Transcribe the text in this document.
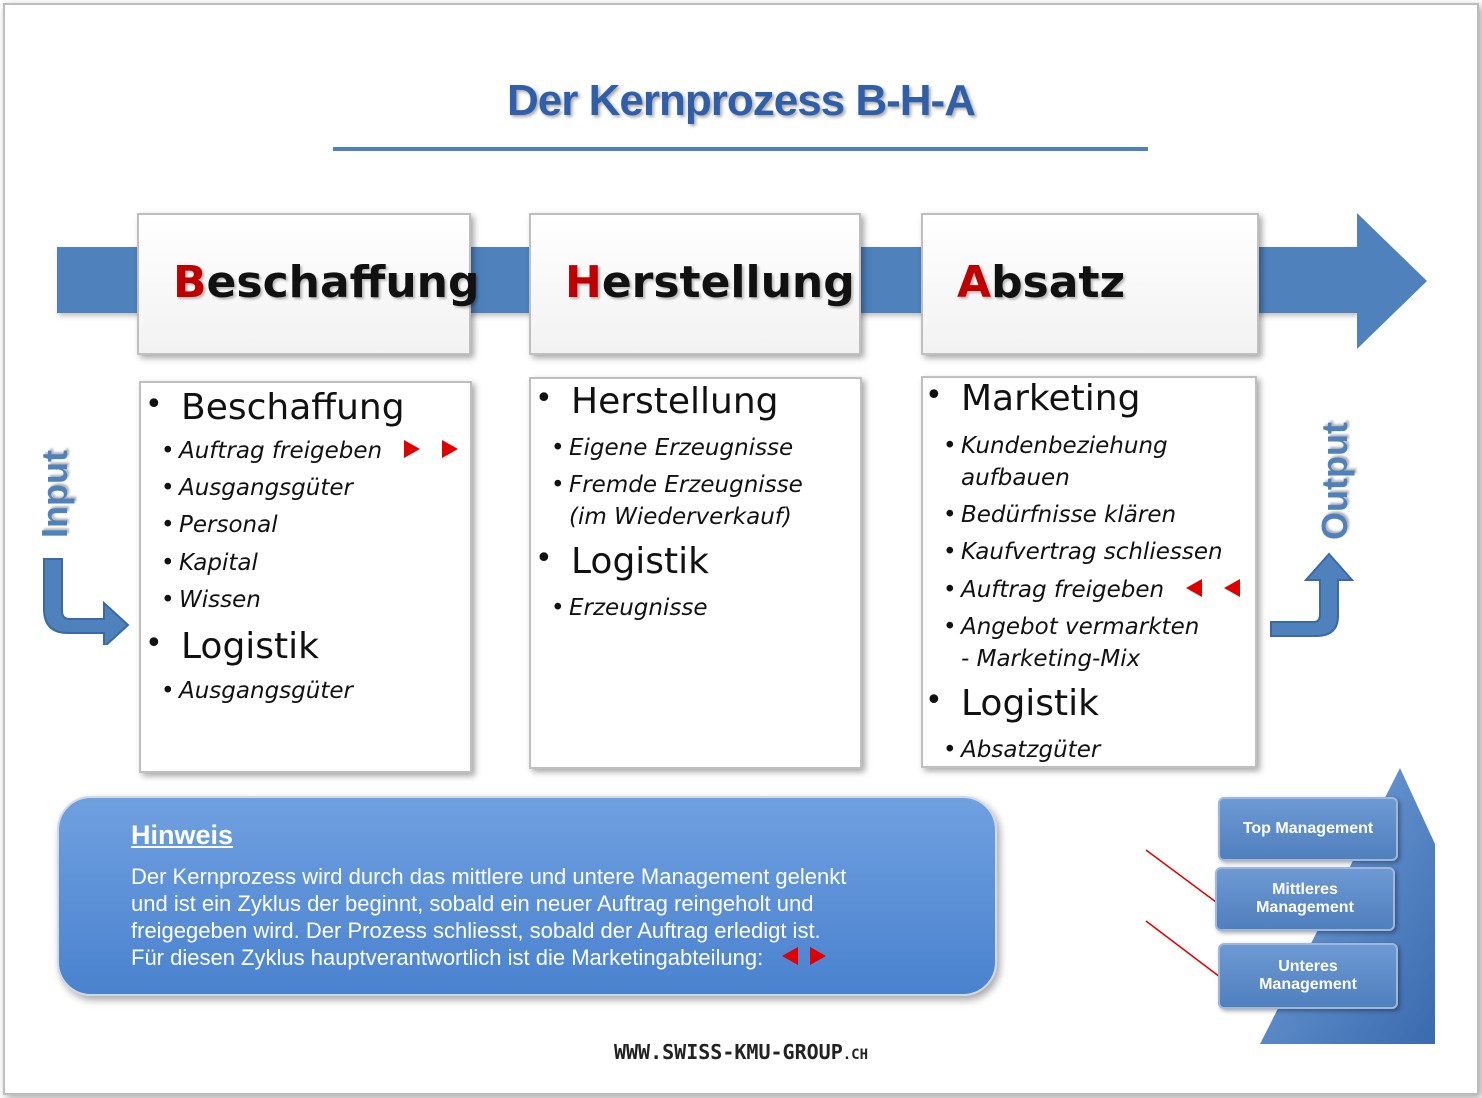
Der Kernprozess B-H-A
Beschaffung Herstellung Absatz
• Beschaffung
• Auftrag freigeben
• Ausgangsgüter
• Personal
• Kapital
• Wissen
• Logistik
• Ausgangsgüter
• Herstellung
• Eigene Erzeugnisse
• Fremde Erzeugnisse
(im Wiederverkauf)
• Logistik
• Erzeugnisse
• Marketing
• Kundenbeziehung
aufbauen
• Bedürfnisse klären
• Kaufvertrag schliessen
• Auftrag freigeben
• Angebot vermarkten
- Marketing-Mix
• Logistik
• Absatzgüter
Input	Output
Hinweis
Der Kernprozess wird durch das mittlere und untere Management gelenkt
und ist ein Zyklus der beginnt, sobald ein neuer Auftrag reingeholt und
freigegeben wird. Der Prozess schliesst, sobald der Auftrag erledigt ist.
Für diesen Zyklus hauptverantwortlich ist die Marketingabteilung:
Top Management
Mittleres Management
Unteres Management
WWW.SWISS-KMU-GROUP.CH
